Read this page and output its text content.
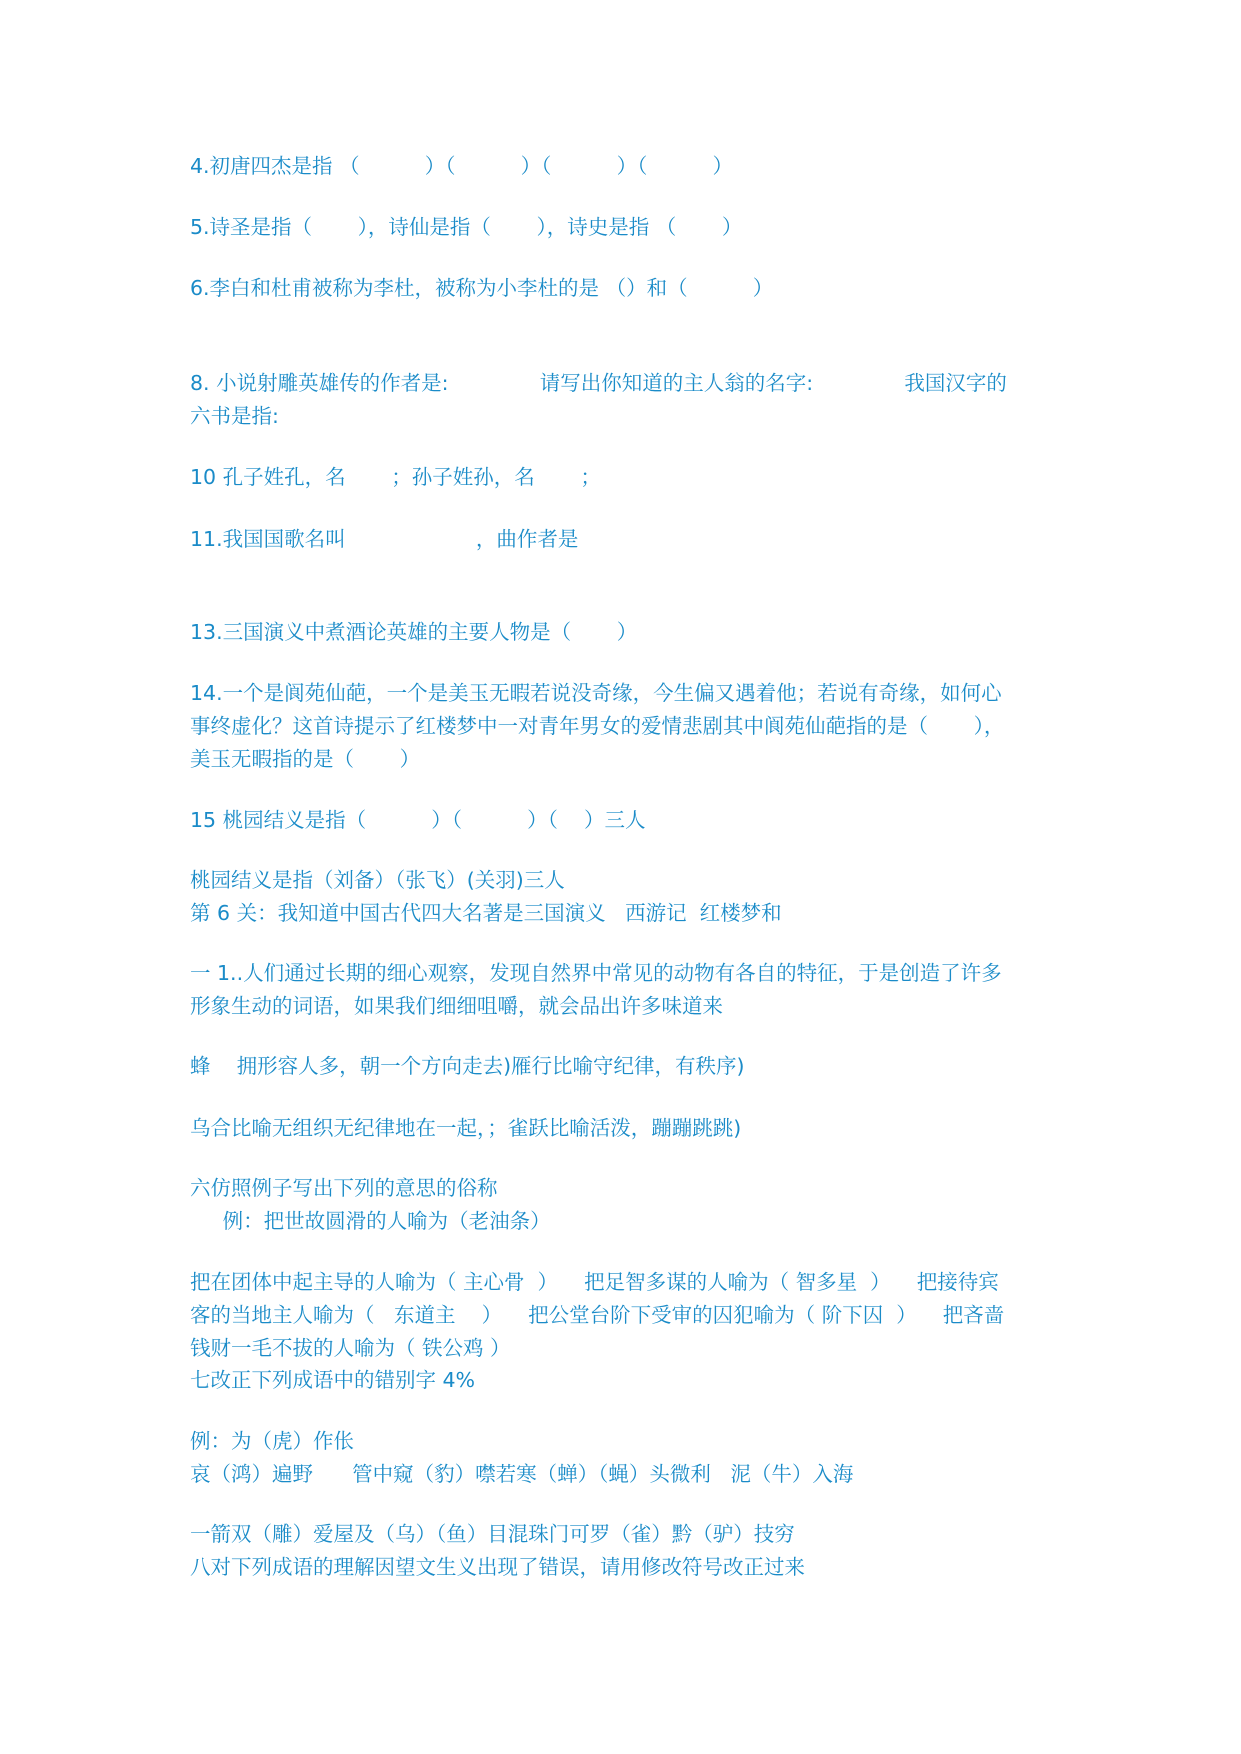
4.初唐四杰是指 （          ）（          ）（          ）（          ）

5.诗圣是指（       ），诗仙是指（       ），诗史是指 （       ）

6.李白和杜甫被称为李杜，被称为小李杜的是 （）和（          ）

8. 小说射雕英雄传的作者是:              请写出你知道的主人翁的名字:              我国汉字的

六书是指:

10 孔子姓孔，名       ；孙子姓孙，名       ；

11.我国国歌名叫                    ，曲作者是

13.三国演义中煮酒论英雄的主要人物是（       ）

14.一个是阆苑仙葩，一个是美玉无暇若说没奇缘，今生偏又遇着他；若说有奇缘，如何心

事终虚化？这首诗提示了红楼梦中一对青年男女的爱情悲剧其中阆苑仙葩指的是（       ），

美玉无暇指的是（       ）

15 桃园结义是指（          ）（          ）（    ）三人

桃园结义是指（刘备）（张飞）(关羽)三人

第 6 关：我知道中国古代四大名著是三国演义   西游记  红楼梦和

一 1..人们通过长期的细心观察，发现自然界中常见的动物有各自的特征，于是创造了许多

形象生动的词语，如果我们细细咀嚼，就会品出许多味道来

蜂    拥形容人多，朝一个方向走去)雁行比喻守纪律，有秩序)

乌合比喻无组织无纪律地在一起，；雀跃比喻活泼，蹦蹦跳跳)

六仿照例子写出下列的意思的俗称

例：把世故圆滑的人喻为（老油条）

把在团体中起主导的人喻为（ 主心骨  ）    把足智多谋的人喻为（ 智多星  ）    把接待宾

客的当地主人喻为（   东道主    ）    把公堂台阶下受审的囚犯喻为（ 阶下囚  ）    把吝啬

钱财一毛不拔的人喻为（ 铁公鸡 ）

七改正下列成语中的错别字 4%

例：为（虎）作伥

哀（鸿）遍野      管中窥（豹）噤若寒（蝉）（蝇）头微利   泥（牛）入海

一箭双（雕）爱屋及（乌）（鱼）目混珠门可罗（雀）黔（驴）技穷

八对下列成语的理解因望文生义出现了错误，请用修改符号改正过来
